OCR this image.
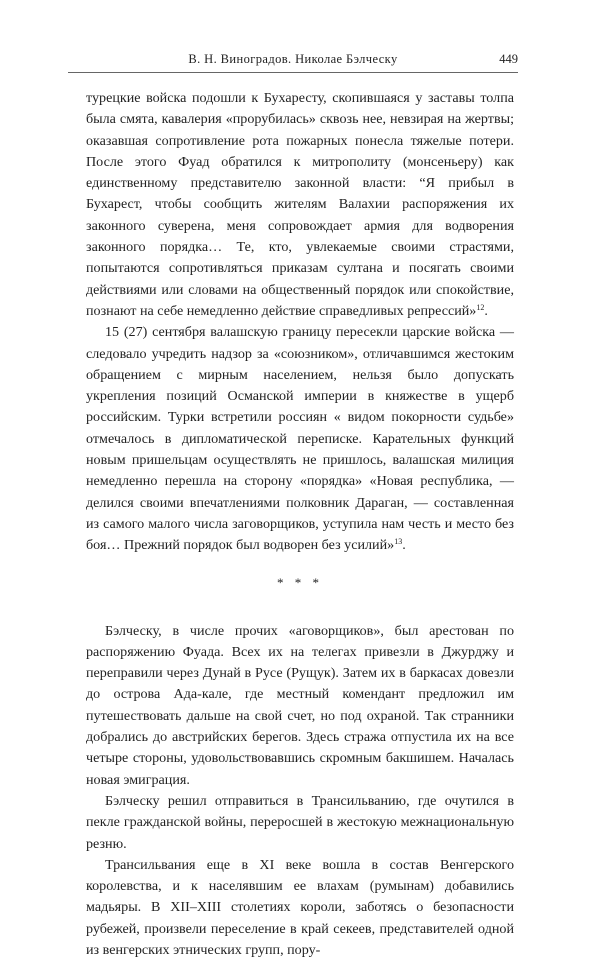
В. Н. Виноградов. Николае Бэлческу	449

турецкие войска подошли к Бухаресту, скопившаяся у заставы толпа была смята, кавалерия «прорубилась» сквозь нее, невзирая на жертвы; оказавшая сопротивление рота пожарных понесла тяжелые потери. После этого Фуад обратился к митрополиту (монсеньеру) как единственному представителю законной власти: “Я прибыл в Бухарест, чтобы сообщить жителям Валахии распоряжения их законного суверена, меня сопровождает армия для водворения законного порядка… Те, кто, увлекаемые своими страстями, попытаются сопротивляться приказам султана и посягать своими действиями или словами на общественный порядок или спокойствие, познают на себе немедленно действие справедливых репрессий»$^{12}$.

15 (27) сентября валашскую границу пересекли царские войска — следовало учредить надзор за «союзником», отличавшимся жестоким обращением с мирным населением, нельзя было допускать укрепления позиций Османской империи в княжестве в ущерб российским. Турки встретили россиян « видом покорности судьбе» отмечалось в дипломатической переписке. Карательных функций новым пришельцам осуществлять не пришлось, валашская милиция немедленно перешла на сторону «порядка» «Новая республика, — делился своими впечатлениями полковник Дараган, — составленная из самого малого числа заговорщиков, уступила нам честь и место без боя… Прежний порядок был водворен без усилий»$^{13}$.

* * *

Бэлческу, в числе прочих «аговорщиков», был арестован по распоряжению Фуада. Всех их на телегах привезли в Джурджу и переправили через Дунай в Русе (Рущук). Затем их в баркасах довезли до острова Ада-кале, где местный комендант предложил им путешествовать дальше на свой счет, но под охраной. Так странники добрались до австрийских берегов. Здесь стража отпустила их на все четыре стороны, удовольствовавшись скромным бакшишем. Началась новая эмиграция.

Бэлческу решил отправиться в Трансильванию, где очутился в пекле гражданской войны, переросшей в жестокую межнациональную резню.

Трансильвания еще в XI веке вошла в состав Венгерского королевства, и к населявшим ее влахам (румынам) добавились мадьяры. В XII–XIII столетиях короли, заботясь о безопасности рубежей, произвели переселение в край секеев, представителей одной из венгерских этнических групп, пору-
